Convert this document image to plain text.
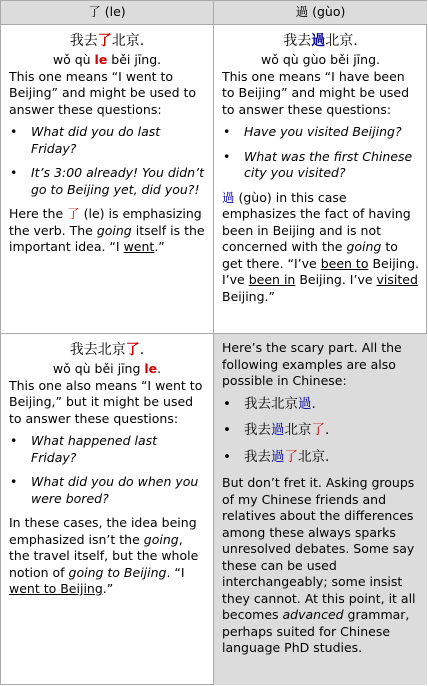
了 (le)	過 (gùo)
我去了北京.
wǒ qù le běi jīng.
This one means “I went to Beijing” and might be used to answer these questions:
• What did you do last Friday?
• It’s 3:00 already! You didn’t go to Beijing yet, did you?!
Here the 了 (le) is emphasizing the verb. The going itself is the important idea. “I went.”
我去過北京.
wǒ qù gùo běi jīng.
This one means “I have been to Beijing” and might be used to answer these questions:
• Have you visited Beijing?
• What was the first Chinese city you visited?
過 (gùo) in this case emphasizes the fact of having been in Beijing and is not concerned with the going to get there. “I’ve been to Beijing. I’ve been in Beijing. I’ve visited Beijing.”
我去北京了.
wǒ qù běi jīng le.
This one also means “I went to Beijing,” but it might be used to answer these questions:
• What happened last Friday?
• What did you do when you were bored?
In these cases, the idea being emphasized isn’t the going, the travel itself, but the whole notion of going to Beijing. “I went to Beijing.”
Here’s the scary part. All the following examples are also possible in Chinese:
• 我去北京過.
• 我去過北京了.
• 我去過了北京.
But don’t fret it. Asking groups of my Chinese friends and relatives about the differences among these always sparks unresolved debates. Some say these can be used interchangeably; some insist they cannot. At this point, it all becomes advanced grammar, perhaps suited for Chinese language PhD studies.
